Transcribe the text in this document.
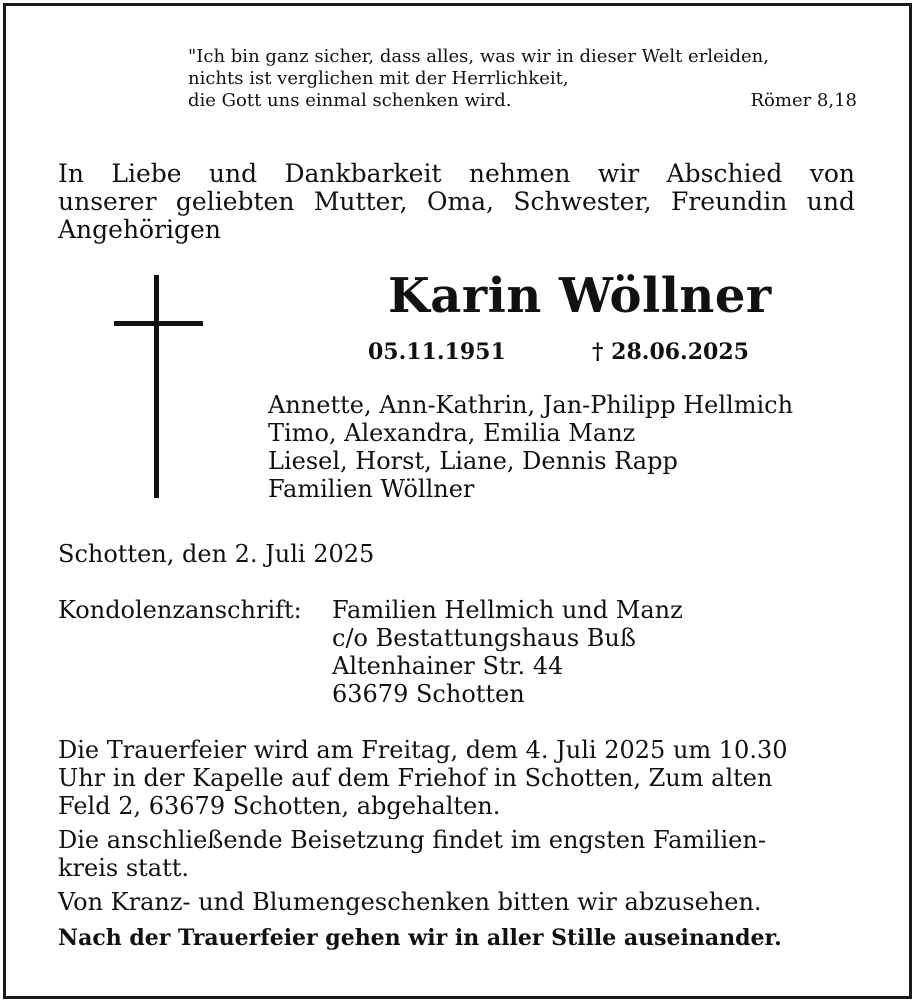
"Ich bin ganz sicher, dass alles, was wir in dieser Welt erleiden,
nichts ist verglichen mit der Herrlichkeit,
die Gott uns einmal schenken wird.	Römer 8,18
In Liebe und Dankbarkeit nehmen wir Abschied von
unserer geliebten Mutter, Oma, Schwester, Freundin und
Angehörigen
Karin Wöllner
05.11.1951	† 28.06.2025
Annette, Ann-Kathrin, Jan-Philipp Hellmich
Timo, Alexandra, Emilia Manz
Liesel, Horst, Liane, Dennis Rapp
Familien Wöllner
Schotten, den 2. Juli 2025
Kondolenzanschrift: Familien Hellmich und Manz
c/o Bestattungshaus Buß
Altenhainer Str. 44
63679 Schotten
Die Trauerfeier wird am Freitag, dem 4. Juli 2025 um 10.30
Uhr in der Kapelle auf dem Friehof in Schotten, Zum alten
Feld 2, 63679 Schotten, abgehalten.
Die anschließende Beisetzung findet im engsten Familien-
kreis statt.
Von Kranz- und Blumengeschenken bitten wir abzusehen.
Nach der Trauerfeier gehen wir in aller Stille auseinander.
